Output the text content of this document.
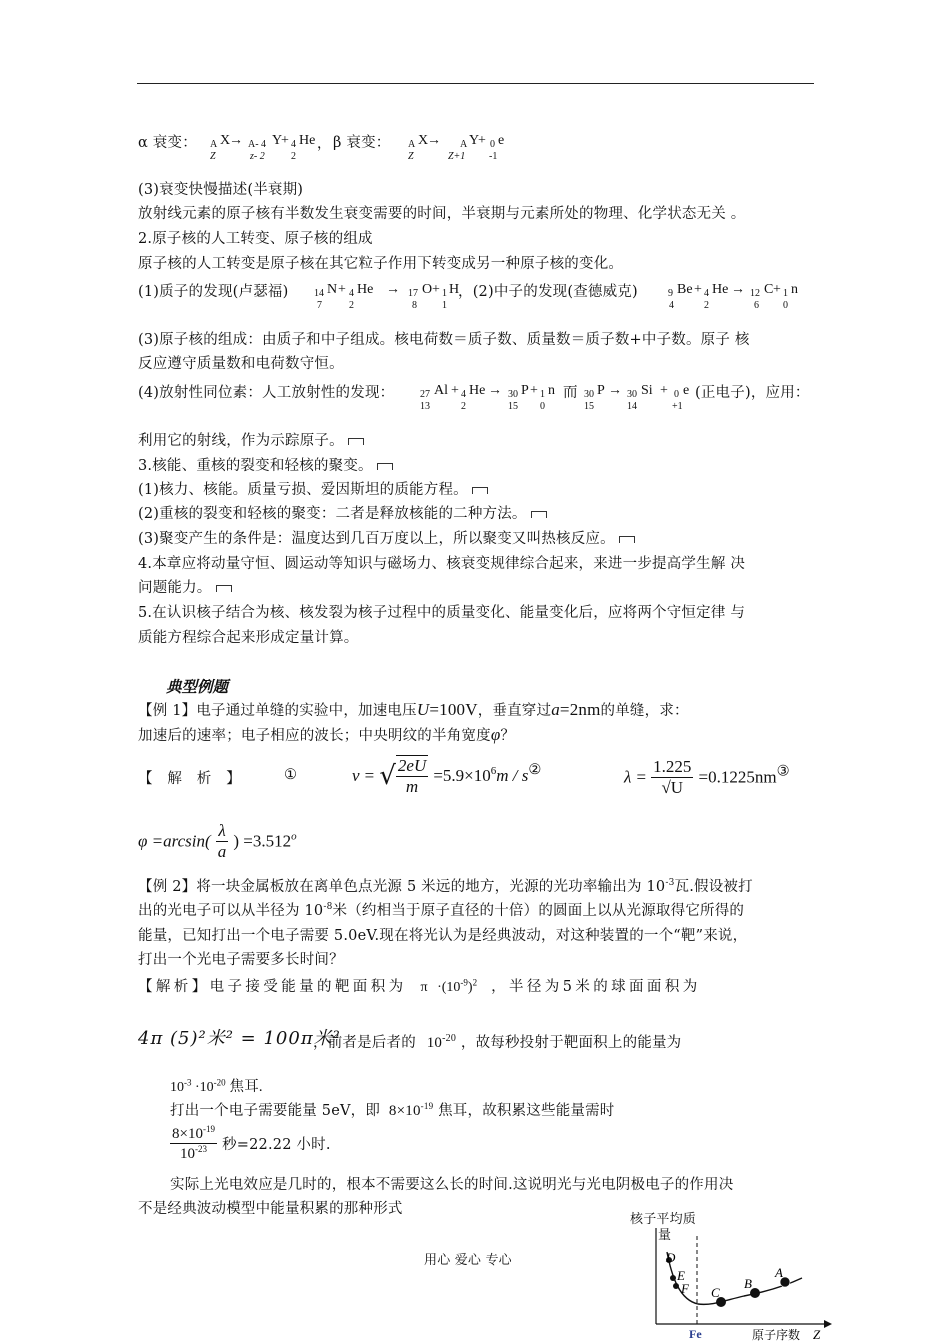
α 衰变： A
Z
X
→ A- 4
z- 2
Y
+ 4
2
He ， β 衰变： A
Z
X
→ A
Z+1
Y
+ 0
-1
e
(3)衰变快慢描述(半衰期)
放射线元素的原子核有半数发生衰变需要的时间，半衰期与元素所处的物理、化学状态无关 。
2.原子核的人工转变、原子核的组成
原子核的人工转变是原子核在其它粒子作用下转变成另一种原子核的变化。
(1)质子的发现(卢瑟福)	14
7
N + 4
2
He → 17
8
O + 1
1
H
，(2)中子的发现(查德威克)	9
4
Be + 4
2
He → 12
6
C + 1
0
n
(3)原子核的组成：由质子和中子组成。核电荷数＝质子数、质量数＝质子数+中子数。原子 核
反应遵守质量数和电荷数守恒。
(4)放射性同位素：人工放射性的发现：	27
13
Al + 4
2
He → 30
15
P + 1
0
n 而 30
15
P → 30
14
Si + 0
+1
e (正电子)，应用：
利用它的射线，作为示踪原子。
3.核能、重核的裂变和轻核的聚变。
(1)核力、核能。质量亏损、爱因斯坦的质能方程。
(2)重核的裂变和轻核的聚变：二者是释放核能的二种方法。
(3)聚变产生的条件是：温度达到几百万度以上，所以聚变又叫热核反应。
4.本章应将动量守恒、圆运动等知识与磁场力、核衰变规律综合起来，来进一步提高学生解 决
问题能力。
5.在认识核子结合为核、核发裂为核子过程中的质量变化、能量变化后，应将两个守恒定律 与
质能方程综合起来形成定量计算。
典型例题
【例 1】电子通过单缝的实验中，加速电压U=100V，垂直穿过a=2nm的单缝，求：
加速后的速率；电子相应的波长；中央明纹的半角宽度φ？
【　解　析　】	①	v = √ $\frac{2eU}{m} =5.9\times 10^6m / s^②$	$\lambda = \frac{1.225}{√U} =0.1225nm^③$
$\varphi =\arcsin( \frac{\lambda}{a}$ ) $=3.512^o$
【例 2】将一块金属板放在离单色点光源 5 米远的地方，光源的光功率输出为 $10^{-3}$瓦.假设被打
出的光电子可以从半径为 $10^{-8}$米（约相当于原子直径的十倍）的圆面上以从光源取得它所得的
能量，已知打出一个电子需要 5.0eV.现在将光认为是经典波动，对这种装置的一个“靶”来说，
打出一个光电子需要多长时间？
【解析】电子接受能量的靶面积为 $\pi \cdot(10^{-9})^2$ ，半径为5米的球面面积为
4π (5)²米² = 100π米²
，前者是后者的 $10^{-20}$ ，故每秒投射于靶面积上的能量为
$10^{-3} \cdot 10^{-20}$ 焦耳.
打出一个电子需要能量 5eV，即 $8\times 10^{-19}$ 焦耳，故积累这些能量需时
$\frac{8\times 10^{-19}}{10^{-23}}$ 秒=22.22 小时.
实际上光电效应是几时的，根本不需要这么长的时间.这说明光与光电阴极电子的作用决
不是经典波动模型中能量积累的那种形式
核子平均质
量
D
E
F C
B
A
Fe	原子序数 Z
用心 爱心 专心
